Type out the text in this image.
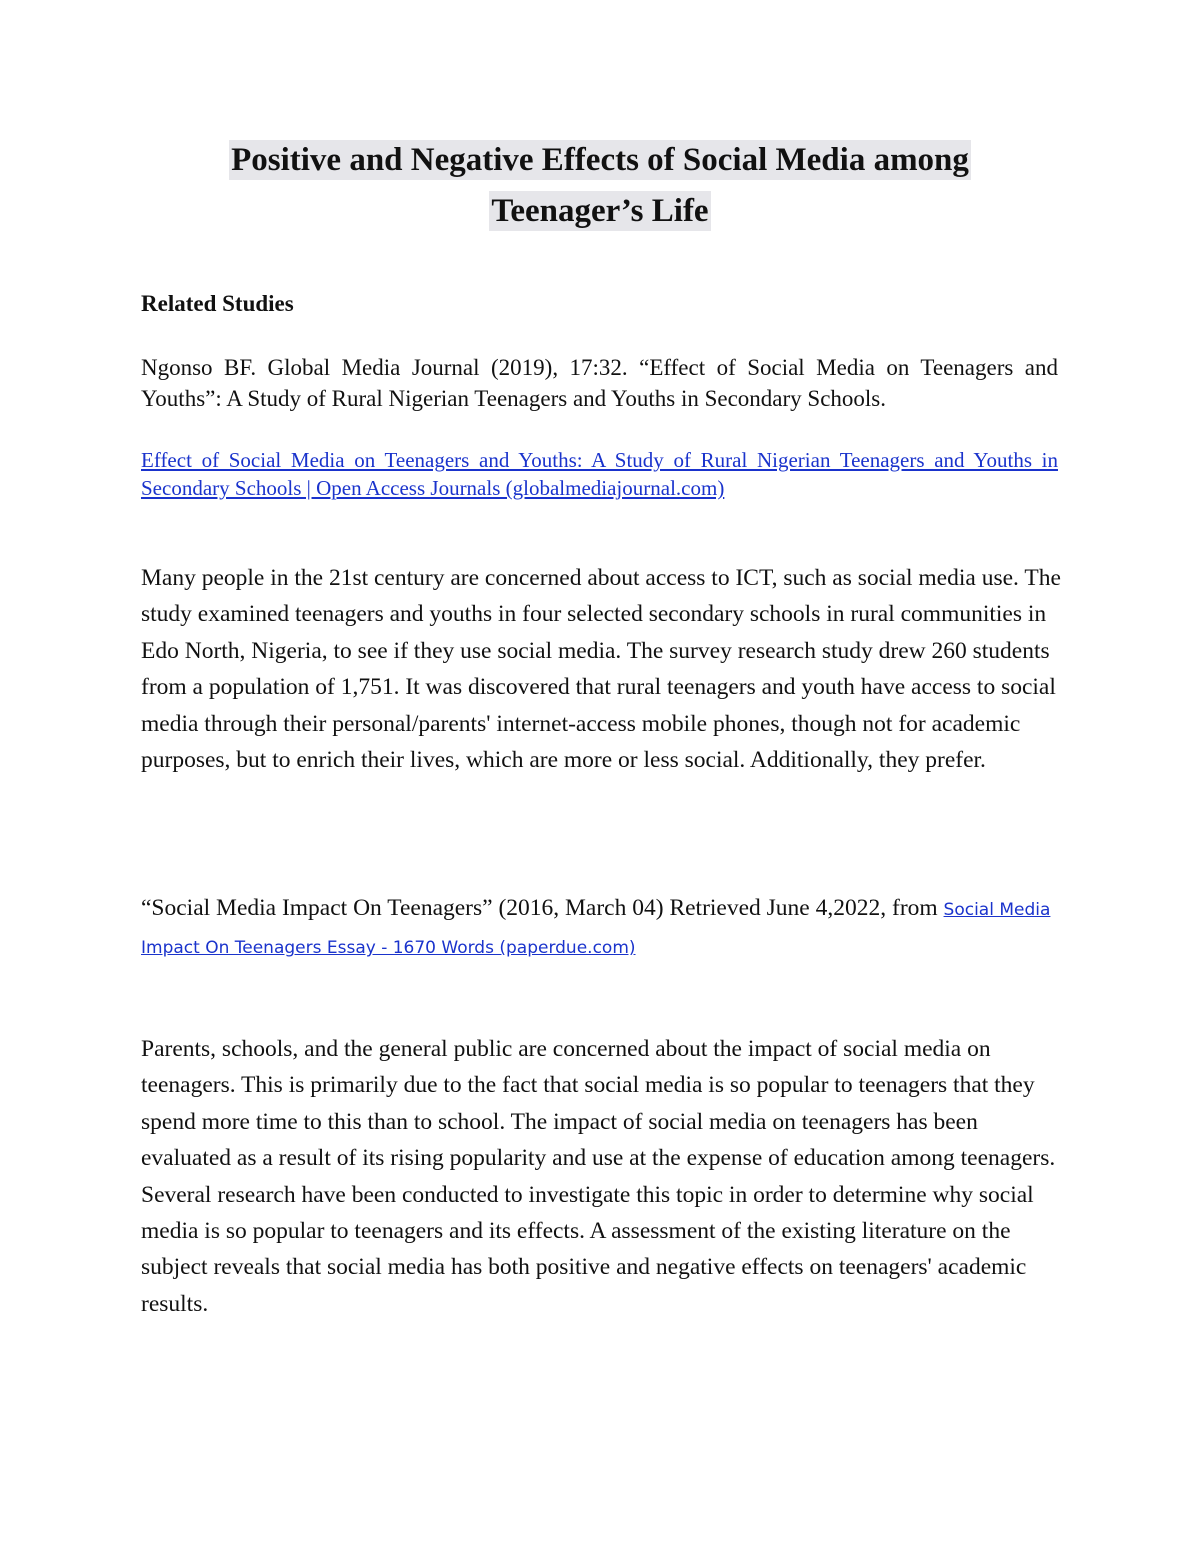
Positive and Negative Effects of Social Media among
Teenager’s Life

Related Studies

Ngonso BF. Global Media Journal (2019), 17:32. “Effect of Social Media on Teenagers and Youths”: A Study of Rural Nigerian Teenagers and Youths in Secondary Schools.

Effect of Social Media on Teenagers and Youths: A Study of Rural Nigerian Teenagers and Youths in Secondary Schools | Open Access Journals (globalmediajournal.com)

Many people in the 21st century are concerned about access to ICT, such as social media use. The study examined teenagers and youths in four selected secondary schools in rural communities in Edo North, Nigeria, to see if they use social media. The survey research study drew 260 students from a population of 1,751. It was discovered that rural teenagers and youth have access to social media through their personal/parents' internet-access mobile phones, though not for academic purposes, but to enrich their lives, which are more or less social. Additionally, they prefer.

“Social Media Impact On Teenagers” (2016, March 04) Retrieved June 4,2022, from Social Media Impact On Teenagers Essay - 1670 Words (paperdue.com)

Parents, schools, and the general public are concerned about the impact of social media on teenagers. This is primarily due to the fact that social media is so popular to teenagers that they spend more time to this than to school. The impact of social media on teenagers has been evaluated as a result of its rising popularity and use at the expense of education among teenagers. Several research have been conducted to investigate this topic in order to determine why social media is so popular to teenagers and its effects. A assessment of the existing literature on the subject reveals that social media has both positive and negative effects on teenagers' academic results.
